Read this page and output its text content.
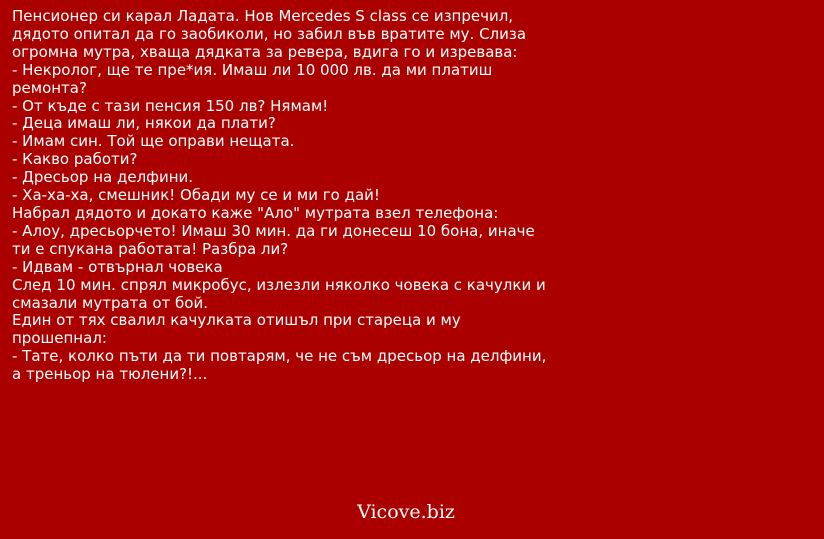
Пенсионер си карал Ладата. Нов Mercedes S class се изпречил,
дядото опитал да го заобиколи, но забил във вратите му. Слиза
огромна мутра, хваща дядката за ревера, вдига го и изревава:
- Некролог, ще те пре*ия. Имаш ли 10 000 лв. да ми платиш
ремонта?
- От къде с тази пенсия 150 лв? Нямам!
- Деца имаш ли, някои да плати?
- Имам син. Той ще оправи нещата.
- Какво работи?
- Дресьор на делфини.
- Ха-ха-ха, смешник! Обади му се и ми го дай!
Набрал дядото и докато каже "Ало" мутрата взел телефона:
- Алоу, дресьорчето! Имаш 30 мин. да ги донесеш 10 бона, иначе
ти е спукана работата! Разбра ли?
- Идвам - отвърнал човека
След 10 мин. спрял микробус, излезли няколко човека с качулки и
смазали мутрата от бой.
Един от тях свалил качулката отишъл при стареца и му
прошепнал:
- Тате, колко пъти да ти повтарям, че не съм дресьор на делфини,
а треньор на тюлени?!...
Vicove.biz
